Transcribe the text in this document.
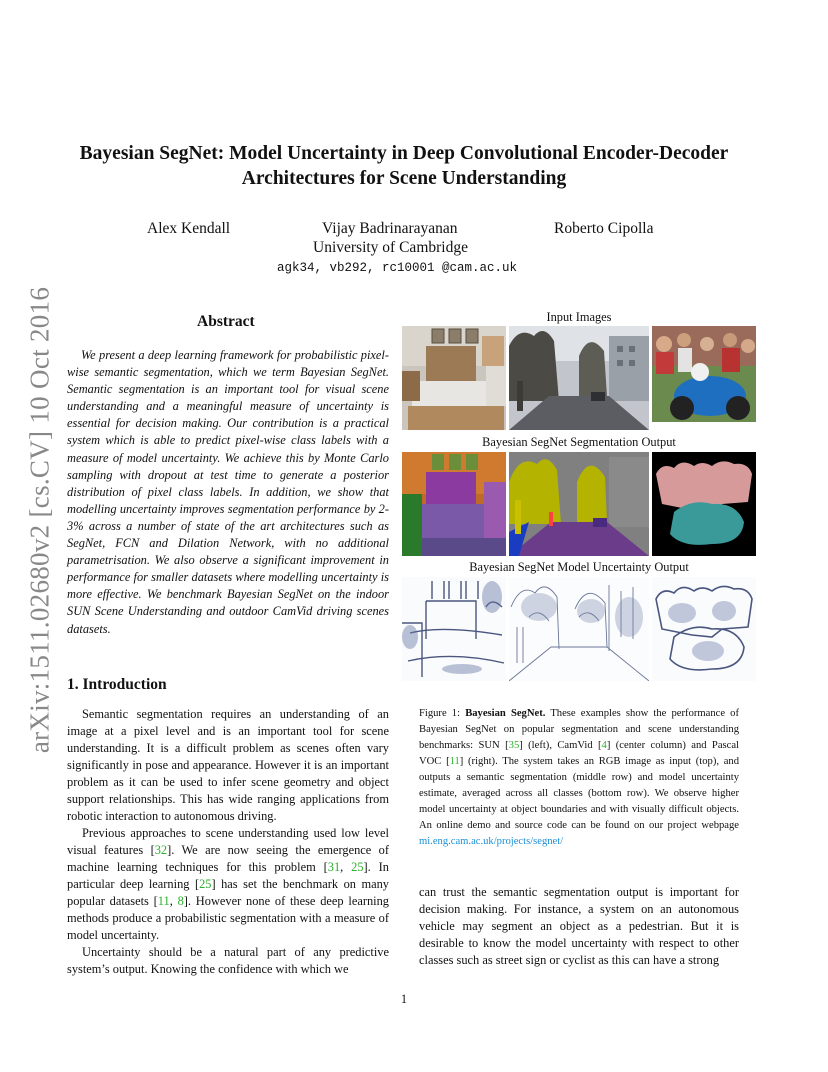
arXiv:1511.02680v2 [cs.CV] 10 Oct 2016
Bayesian SegNet: Model Uncertainty in Deep Convolutional Encoder-Decoder
Architectures for Scene Understanding
Alex Kendall	Vijay Badrinarayanan	Roberto Cipolla
University of Cambridge
agk34, vb292, rc10001 @cam.ac.uk
Abstract
We present a deep learning framework for probabilistic pixel-wise semantic segmentation, which we term Bayesian SegNet. Semantic segmentation is an important tool for visual scene understanding and a meaningful measure of uncertainty is essential for decision making. Our contribution is a practical system which is able to predict pixel-wise class labels with a measure of model uncertainty. We achieve this by Monte Carlo sampling with dropout at test time to generate a posterior distribution of pixel class labels. In addition, we show that modelling uncertainty improves segmentation performance by 2-3% across a number of state of the art architectures such as SegNet, FCN and Dilation Network, with no additional parametrisation. We also observe a significant improvement in performance for smaller datasets where modelling uncertainty is more effective. We benchmark Bayesian SegNet on the indoor SUN Scene Understanding and outdoor CamVid driving scenes datasets.
1. Introduction

Semantic segmentation requires an understanding of an image at a pixel level and is an important tool for scene understanding. It is a difficult problem as scenes often vary significantly in pose and appearance. However it is an important problem as it can be used to infer scene geometry and object support relationships. This has wide ranging applications from robotic interaction to autonomous driving.

Previous approaches to scene understanding used low level visual features [32]. We are now seeing the emergence of machine learning techniques for this problem [31, 25]. In particular deep learning [25] has set the benchmark on many popular datasets [11, 8]. However none of these deep learning methods produce a probabilistic segmentation with a measure of model uncertainty.

Uncertainty should be a natural part of any predictive system’s output. Knowing the confidence with which we

Input Images
Bayesian SegNet Segmentation Output
Bayesian SegNet Model Uncertainty Output
Figure 1: Bayesian SegNet. These examples show the performance of Bayesian SegNet on popular segmentation and scene understanding benchmarks: SUN [35] (left), CamVid [4] (center column) and Pascal VOC [11] (right). The system takes an RGB image as input (top), and outputs a semantic segmentation (middle row) and model uncertainty estimate, averaged across all classes (bottom row). We observe higher model uncertainty at object boundaries and with visually difficult objects. An online demo and source code can be found on our project webpage mi.eng.cam.ac.uk/projects/segnet/
can trust the semantic segmentation output is important for decision making. For instance, a system on an autonomous vehicle may segment an object as a pedestrian. But it is desirable to know the model uncertainty with respect to other classes such as street sign or cyclist as this can have a strong
1
